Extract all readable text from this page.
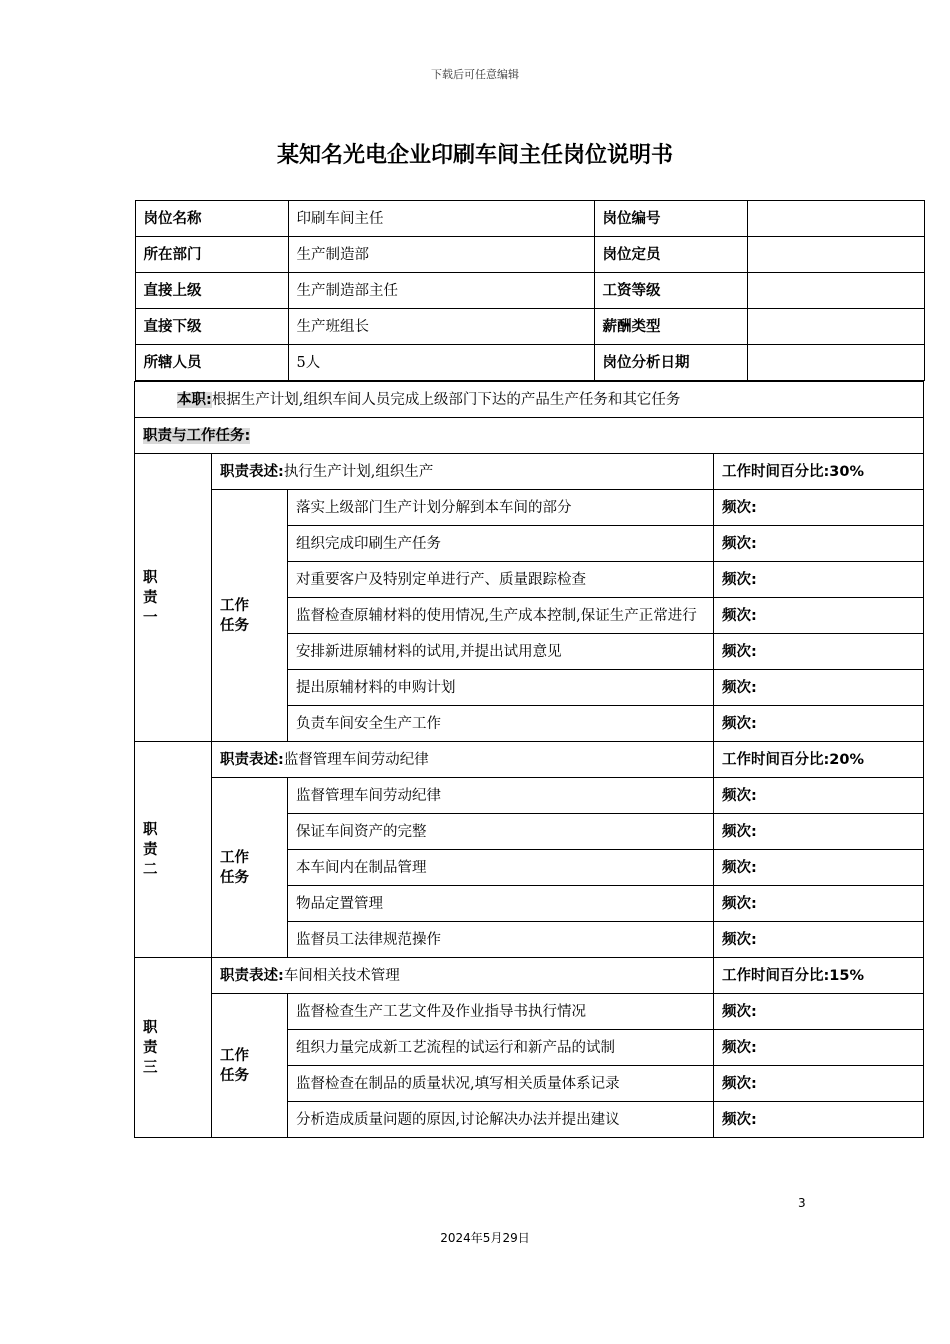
下载后可任意编辑
某知名光电企业印刷车间主任岗位说明书
岗位名称	印刷车间主任	岗位编号	
所在部门	生产制造部	岗位定员	
直接上级	生产制造部主任	工资等级	
直接下级	生产班组长	薪酬类型	
所辖人员	5人	岗位分析日期	

本职:根据生产计划,组织车间人员完成上级部门下达的产品生产任务和其它任务
职责与工作任务:

职
责
一
	职责表述:执行生产计划,组织生产	工作时间百分比:30%

工作
任务
	落实上级部门生产计划分解到本车间的部分	频次:
组织完成印刷生产任务	频次:
对重要客户及特别定单进行产、质量跟踪检查	频次:
监督检查原辅材料的使用情况,生产成本控制,保证生产正常进行	频次:
安排新进原辅材料的试用,并提出试用意见	频次:
提出原辅材料的申购计划	频次:
负责车间安全生产工作	频次:

职
责
二
	职责表述:监督管理车间劳动纪律	工作时间百分比:20%

工作
任务
	监督管理车间劳动纪律	频次:
保证车间资产的完整	频次:
本车间内在制品管理	频次:
物品定置管理	频次:
监督员工法律规范操作	频次:

职
责
三
	职责表述:车间相关技术管理	工作时间百分比:15%

工作
任务
	监督检查生产工艺文件及作业指导书执行情况	频次:
组织力量完成新工艺流程的试运行和新产品的试制	频次:
监督检查在制品的质量状况,填写相关质量体系记录	频次:
分析造成质量问题的原因,讨论解决办法并提出建议	频次:
3
2024年5月29日
